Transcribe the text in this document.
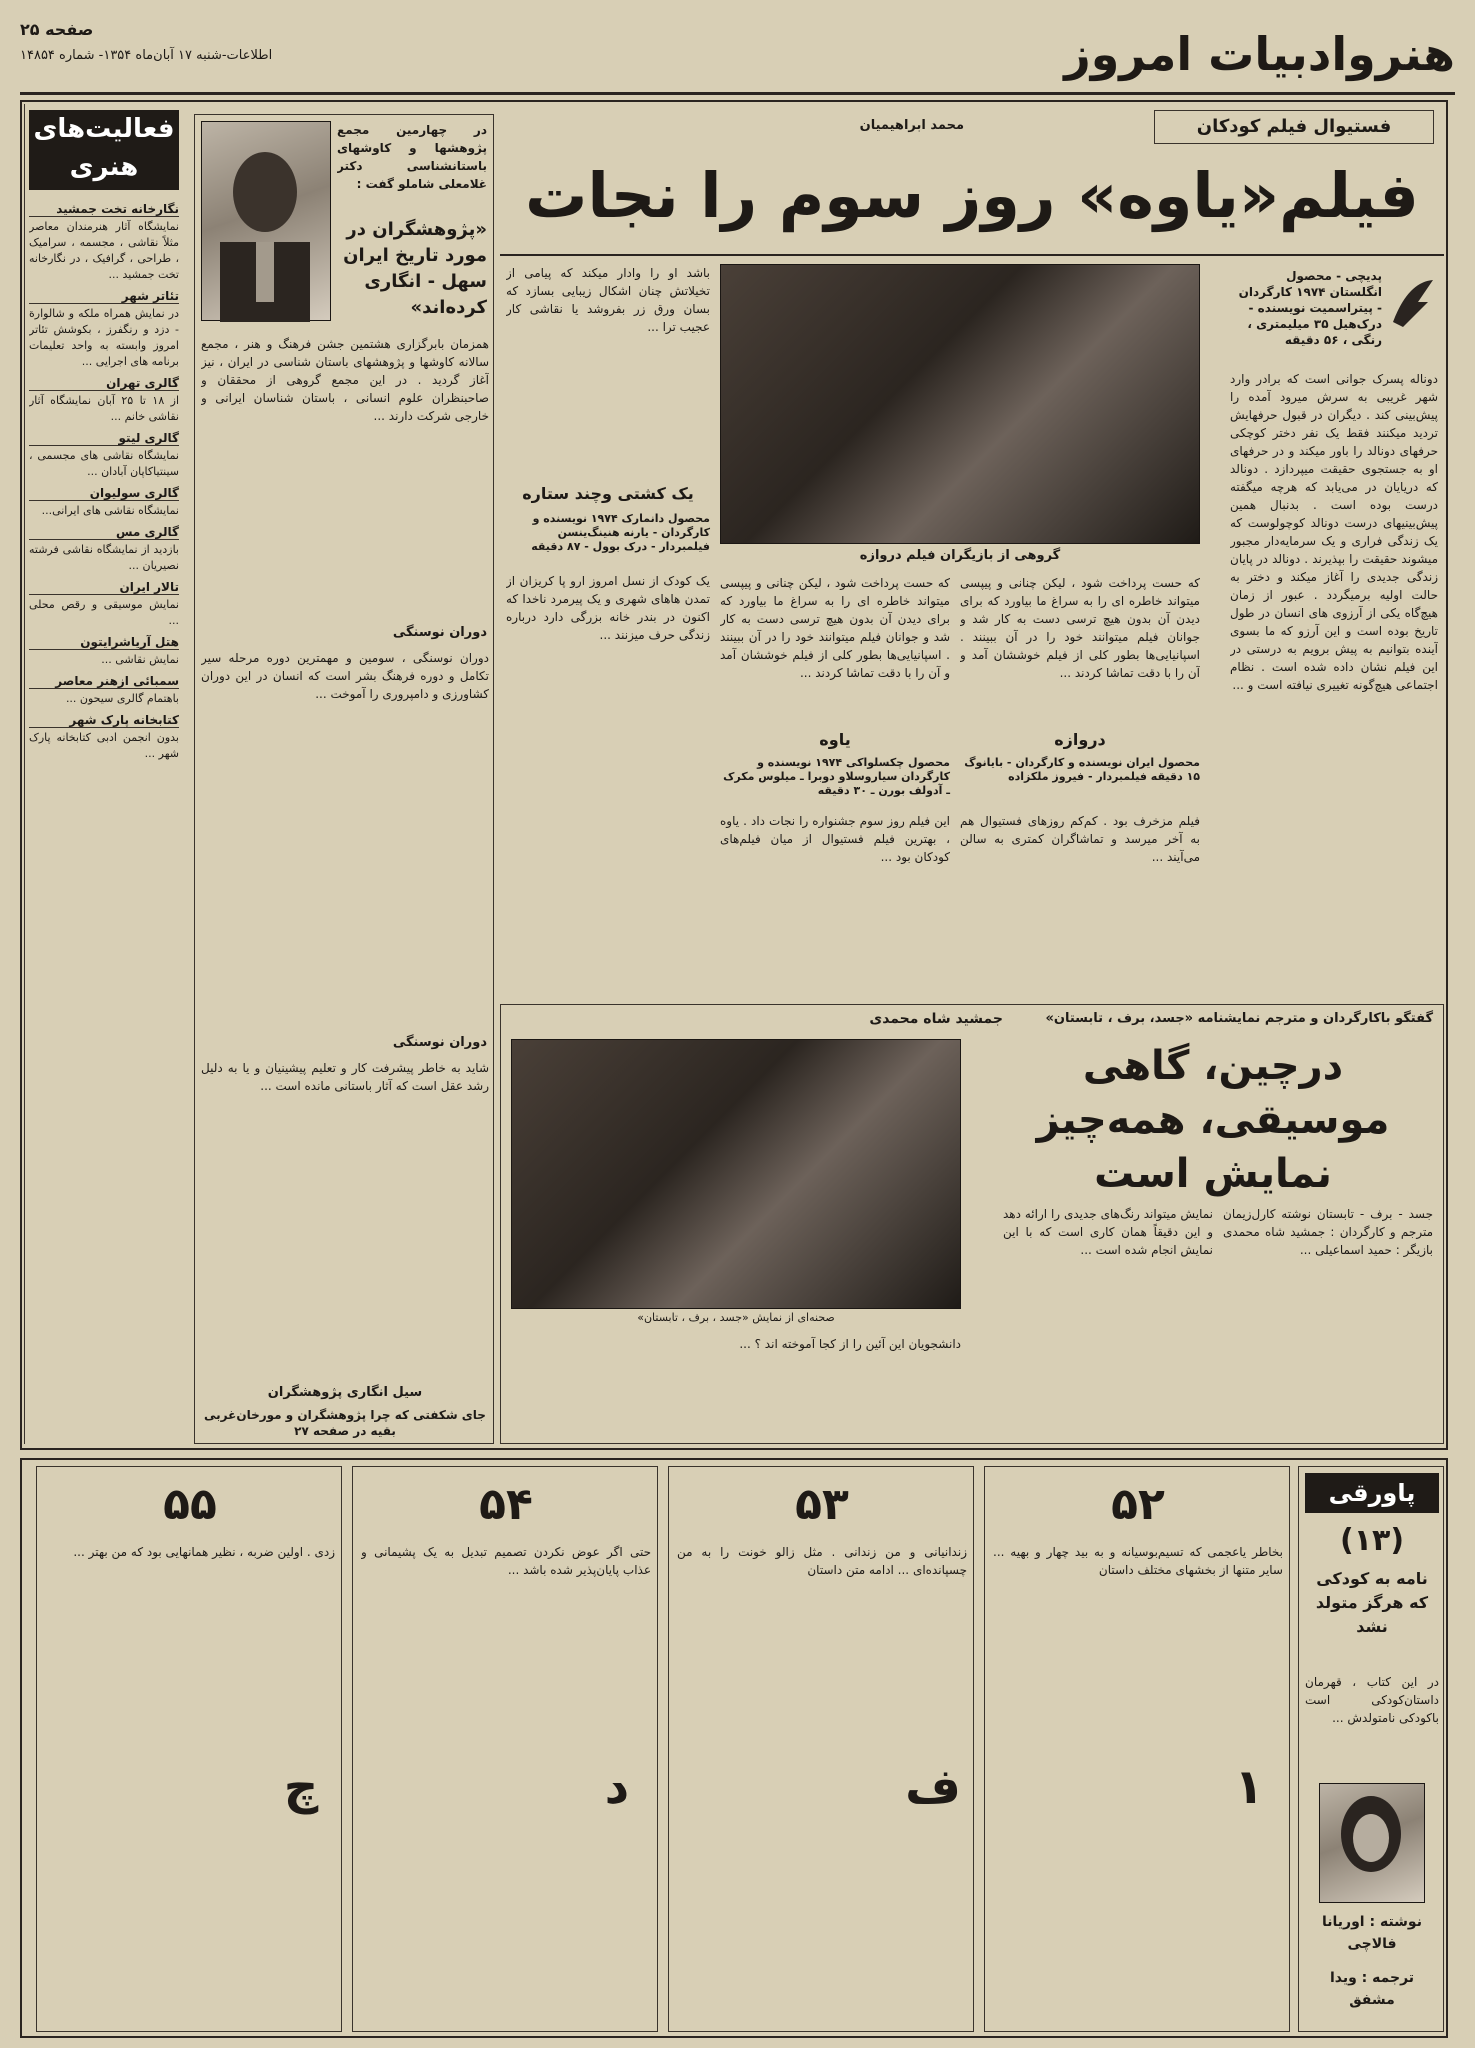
هنروادبیات امروز
صفحه ۲۵
اطلاعات-شنبه ۱۷ آبان‌ماه ۱۳۵۴- شماره ۱۴۸۵۴
فعالیت‌های هنری
نگارخانه تخت جمشید
نمایشگاه آثار هنرمندان معاصر مثلاً نقاشی ، مجسمه ، سرامیک ، طراحی ، گرافیک ، در نگارخانه تخت جمشید ...
تئاتر شهر
در نمایش همراه ملکه و شالوارة - دزد و رنگفرز ، بکوشش تئاتر امروز وابسته به واحد تعلیمات برنامه های اجرایی ...
گالری تهران
از ۱۸ تا ۲۵ آبان نمایشگاه آثار نقاشی خانم ...
گالری لیتو
نمایشگاه نقاشی های مجسمی ، سینتیاکاپان آبادان ...
گالری سولیوان
نمایشگاه نقاشی های ایرانی...
گالری مس
بازدید از نمایشگاه نقاشی فرشته نصیریان ...
تالار ایران
نمایش موسیقی و رقص محلی ...
هتل آریاشرایتون
نمایش نقاشی ...
سمبائی ازهنر معاصر
باهتمام گالری سیحون ...
کتابخانه پارک شهر
بدون انجمن ادبی کتابخانه پارک شهر ...
در چهارمین مجمع پژوهشها و کاوشهای باستانشناسی دکتر غلامعلی شاملو گفت :
«پژوهشگران در مورد تاریخ ایران سهل - انگاری کرده‌اند»
همزمان بابرگزاری هشتمین جشن فرهنگ و هنر ، مجمع سالانه کاوشها و پژوهشهای باستان شناسی در ایران ، نیز آغاز گردید . در این مجمع گروهی از محققان و صاحبنظران علوم انسانی ، باستان شناسان ایرانی و خارجی شرکت دارند ...
دوران نوسنگی
دوران نوسنگی ، سومین و مهمترین دوره مرحله سیر تکامل و دوره فرهنگ بشر است که انسان در این دوران کشاورزی و دامپروری را آموخت ...
دوران نوسنگی
شاید به خاطر پیشرفت کار و تعلیم پیشینیان و یا به دلیل رشد عقل است که آثار باستانی مانده است ...
سیل انگاری پژوهشگران
جای شکفتی که چرا پژوهشگران و مورخان‌غربی بقیه در صفحه ۲۷
فستیوال فیلم کودکان
محمد ابراهیمیان
فیلم«یاوه» روز سوم را نجات
پدیچی - محصول انگلستان ۱۹۷۴ کارگردان - پیتراسمیت نویسنده - درک‌هیل ۳۵ میلیمتری ، رنگی ، ۵۶ دقیقه
دوناله پسرک جوانی است که برادر وارد شهر غریبی به سرش میرود آمده را پیش‌بینی کند . دیگران در قبول حرفهایش تردید میکنند فقط یک نفر دختر کوچکی حرفهای دونالد را باور میکند و در حرفهای او به جستجوی حقیقت میپردازد . دونالد که دریایان در می‌یابد که هرچه میگفته درست بوده است . بدنبال همین پیش‌بینیهای درست دونالد کوچولوست که یک زندگی فراری و یک سرمایه‌دار مجبور میشوند حقیقت را بپذیرند . دونالد در پایان زندگی جدیدی را آغاز میکند و دختر به حالت اولیه برمیگردد . عبور از زمان هیچ‌گاه یکی از آرزوی های انسان در طول تاریخ بوده است و این آرزو که ما بسوی آینده بتوانیم به پیش برویم به درستی در این فیلم نشان داده شده است . نظام اجتماعی هیچ‌گونه تغییری نیافته است و ...
گروهی از بازیگران فیلم دروازه
باشد او را وادار میکند که پیامی از تخیلاتش چنان اشکال زیبایی بسازد که بسان ورق زر بفروشد یا نقاشی کار عجیب ترا ...
یک کشتی وچند ستاره
محصول دانمارک ۱۹۷۴ نویسنده و کارگردان - یارنه هنینگ‌ینسن فیلمبردار - درک بوول - ۸۷ دقیقه
یک کودک از نسل امروز ارو پا کریزان از تمدن هاهای شهری و یک پیرمرد ناخدا که اکنون در بندر خانه بزرگی دارد درباره زندگی حرف میزنند ...
که حست پرداخت شود ، لیکن چنانی و پیپسی میتواند خاطره ای را به سراغ ما بیاورد که برای دیدن آن بدون هیچ ترسی دست به کار شد و جوانان فیلم میتوانند خود را در آن ببینند . اسپانیایی‌ها بطور کلی از فیلم خوششان آمد و آن را با دقت تماشا کردند ...
دروازه
محصول ایران نویسنده و کارگردان - بایانوگ ۱۵ دقیقه فیلمبردار - فیروز ملکزاده
فیلم مزخرف بود . کم‌کم روزهای فستیوال هم به آخر میرسد و تماشاگران کمتری به سالن می‌آیند ...
یاوه
محصول چکسلواکی ۱۹۷۴ نویسنده و کارگردان سیاروسلاو دوبرا ـ میلوس مکرک ـ آدولف بورن ـ ۳۰ دقیقه
این فیلم روز سوم جشنواره را نجات داد . یاوه ، بهترین فیلم فستیوال از میان فیلم‌های کودکان بود ...
که حست پرداخت شود ، لیکن چنانی و پیپسی میتواند خاطره ای را به سراغ ما بیاورد که برای دیدن آن بدون هیچ ترسی دست به کار شد و جوانان فیلم میتوانند خود را در آن ببینند . اسپانیایی‌ها بطور کلی از فیلم خوششان آمد و آن را با دقت تماشا کردند ...
گفتگو باکارگردان و مترجم نمایشنامه «جسد، برف ، تابستان»
جمشید شاه محمدی
صحنه‌ای از نمایش «جسد ، برف ، تابستان»
درچین، گاهی موسیقی، همه‌چیز نمایش است
جسد - برف - تابستان نوشته کارل‌زیمان مترجم و کارگردان : جمشید شاه محمدی بازیگر : حمید اسماعیلی ...
نمایش میتواند رنگ‌های جدیدی را ارائه دهد و این دقیقاً همان کاری است که با این نمایش انجام شده است ...
دانشجویان این آئین را از کجا آموخته اند ؟ ...
پاورقی
(۱۳)
نامه به کودکی که هرگز متولد نشد
در این کتاب ، قهرمان داستان‌کودکی است باکودکی نامتولدش ...
نوشته : اوریانا فالاچی
ترجمه : ویدا مشفق
۵۲
بخاطر یاعجمی که تسیم‌بوسیانه و به بید چهار و بهیه ... سایر متنها از بخشهای مختلف داستان
۱
۵۳
زندانیانی و من زندانی . مثل زالو خونت را به من چسپانده‌ای ... ادامه متن داستان
ف
۵۴
حتی اگر عوض نکردن تصمیم تبدیل به یک پشیمانی و عذاب پایان‌پذیر شده باشد ...
د
۵۵
زدی . اولین ضربه ، نظیر همانهایی بود که من بهتر ...
چ
